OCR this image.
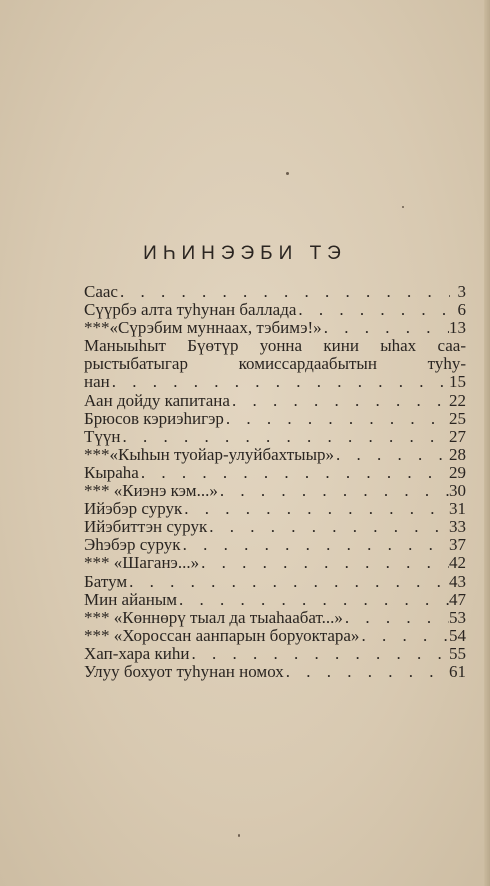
ИҺИНЭЭБИ ТЭ
Саас . . .	3
Сүүрбэ алта туһунан баллада . . .	6
***«Сүрэбим муннаах, тэбимэ!» . . .	13
Маныыhыт Бүөтүр уонна кини ыhах саа-
рыстыбатыгар комиссардаабытын туһу-
нан . . .	15
Аан дойду капитана . . .	22
Брюсов кэриэһигэр . . .	25
Түүн . . .	27
***«Кыһын туойар-улуйбахтыыр» . . .	28
Кыраһа . . .	29
*** «Киэнэ кэм...» . . .	30
Ийэбэр сурук . . .	31
Ийэбиттэн сурук . . .	33
Эһэбэр сурук . . .	37
*** «Шаганэ...» . . .	42
Батум . . .	43
Мин айаным . . .	47
*** «Көннөрү тыал да тыаһаабат...» . . .	53
*** «Хороссан аанпарын боруоктара» . . .	54
Хап-хара киһи . . .	55
Улуу бохуот туһунан номох . . .	61
